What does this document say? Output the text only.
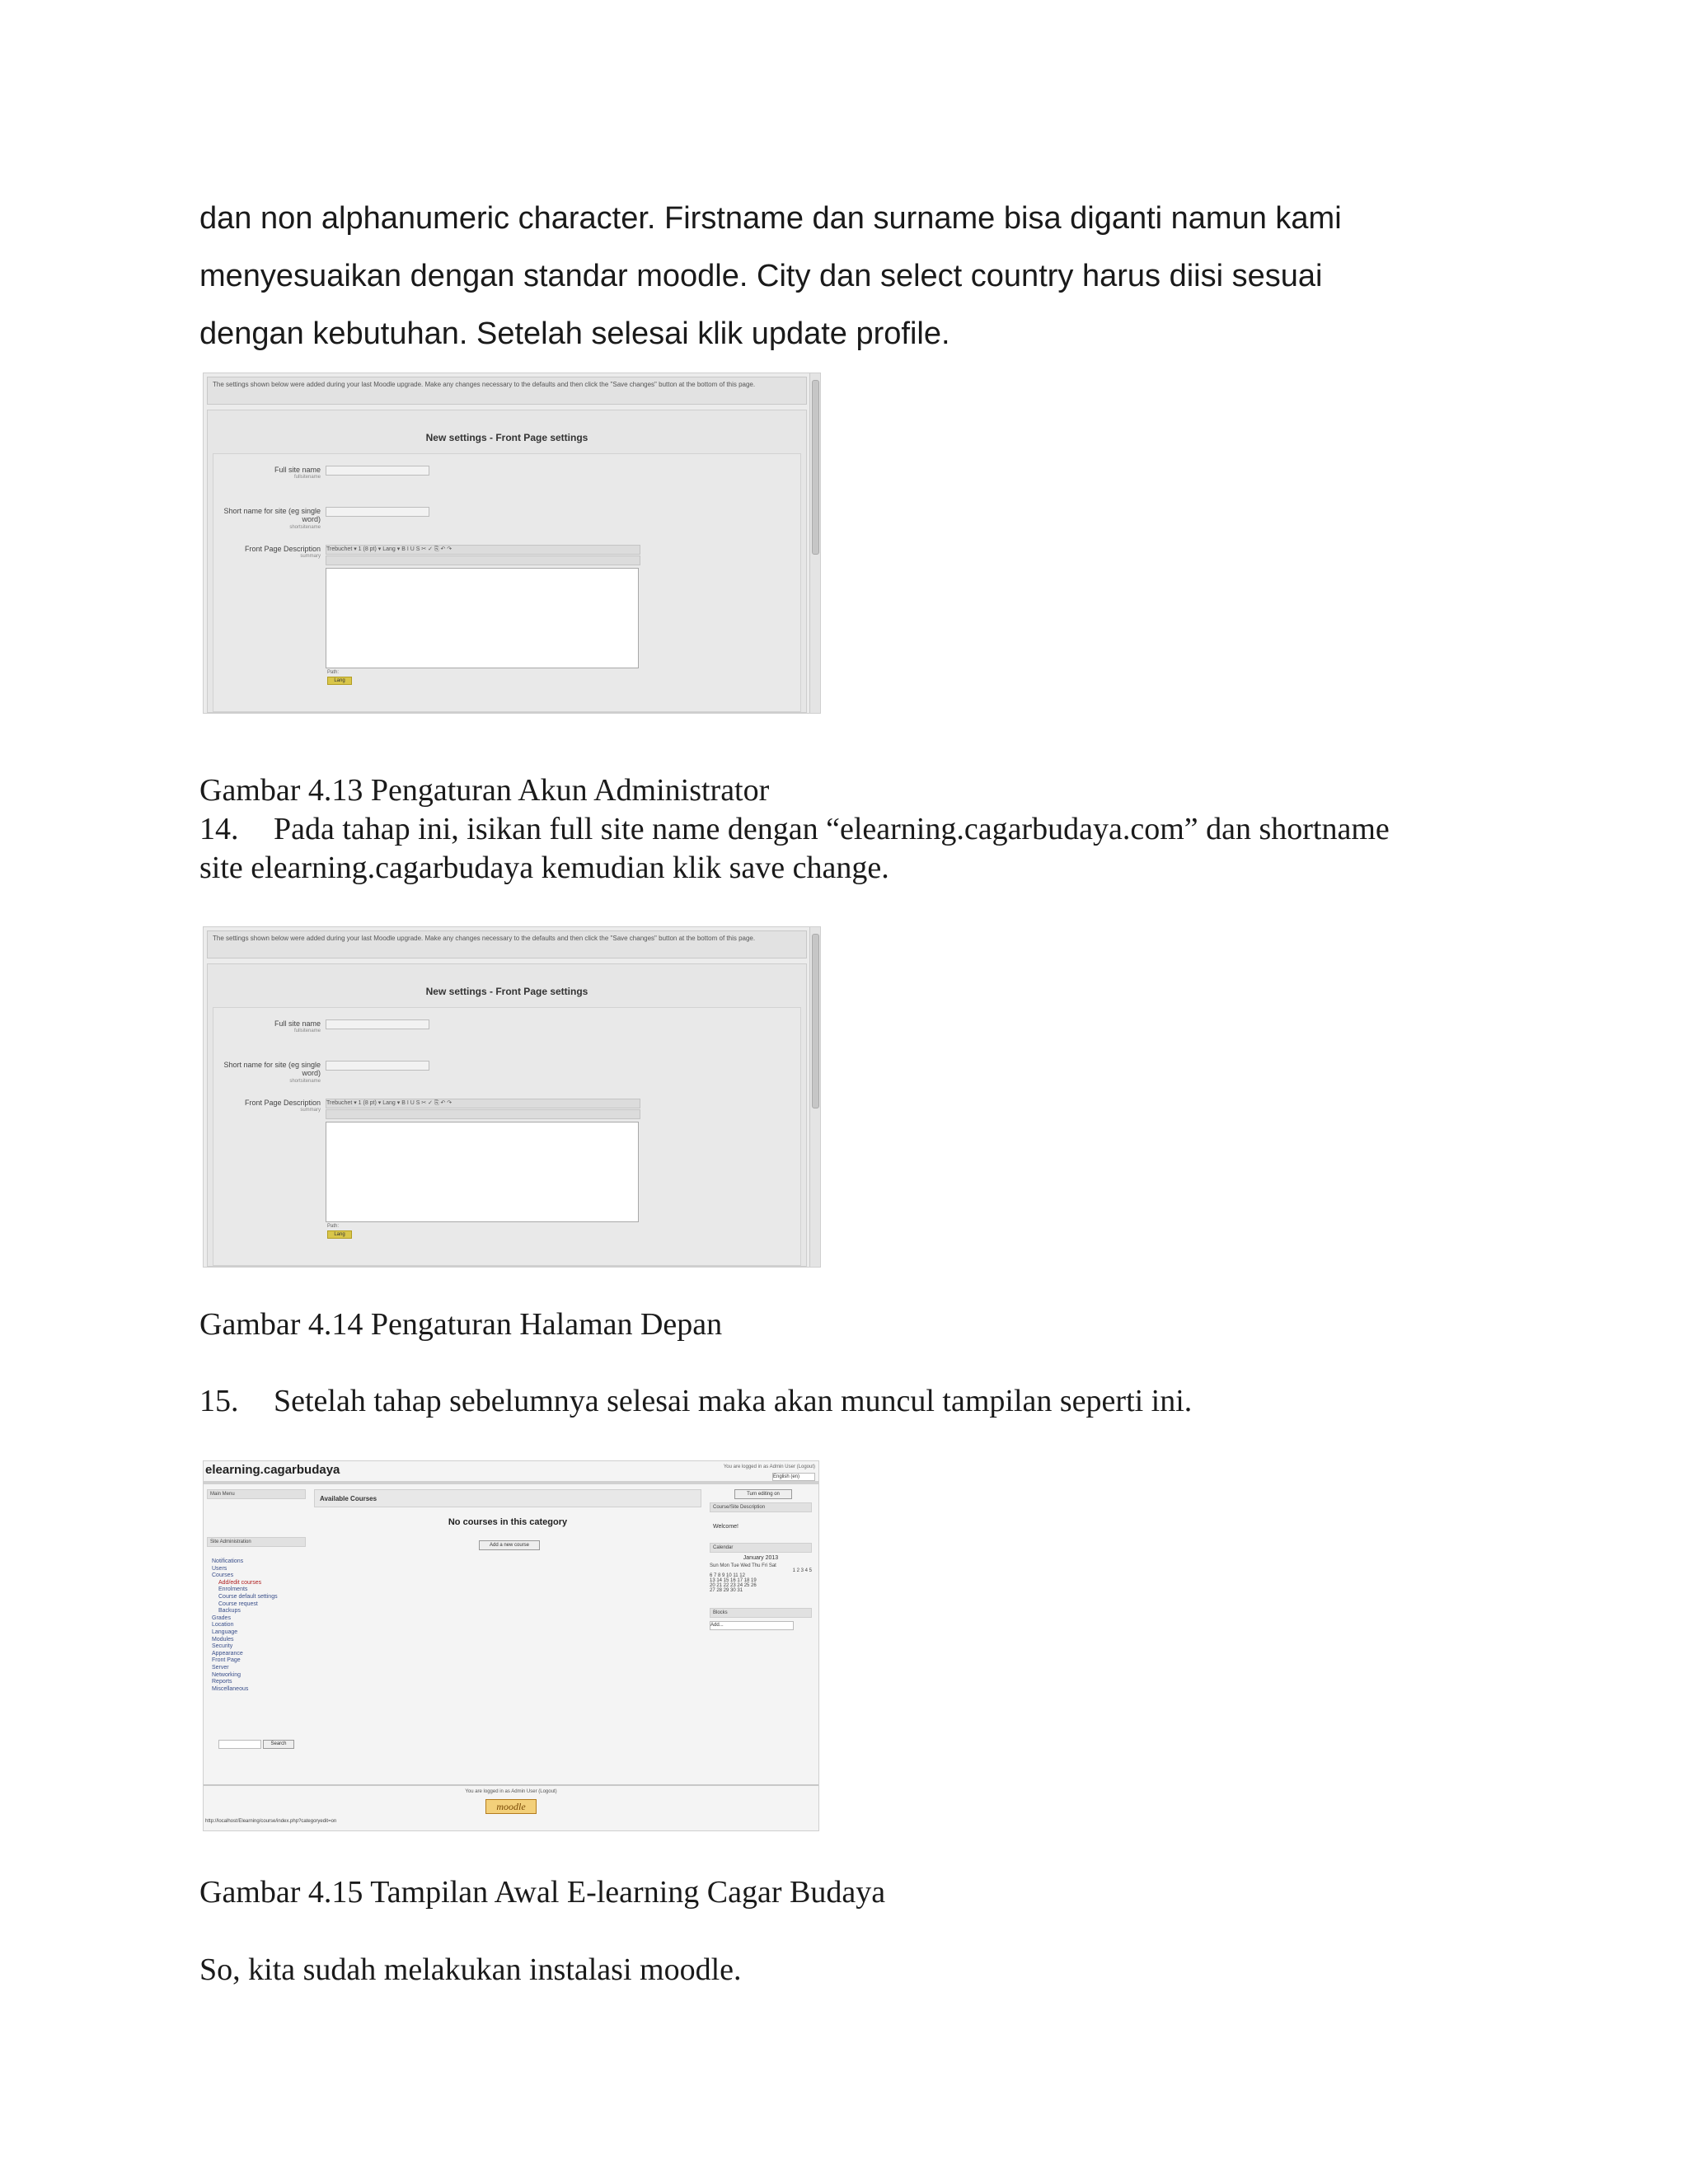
dan non alphanumeric character. Firstname dan surname bisa diganti namun kami
menyesuaikan dengan standar moodle. City dan select country harus diisi sesuai
dengan kebutuhan. Setelah selesai klik update profile.
The settings shown below were added during your last Moodle upgrade. Make any changes necessary to the defaults and then click the "Save changes" button at the bottom of this page.
New settings - Front Page settings
Full site name
fullsitename
Short name for site (eg single word)
shortsitename
Front Page Description
summary
Trebuchet ▾ 1 (8 pt) ▾ Lang ▾ B I U S ✂ ✓ ⎘ ↶ ↷
Path:
Lang
Gambar 4.13 Pengaturan Akun Administrator
14. Pada tahap ini, isikan full site name dengan “elearning.cagarbudaya.com” dan shortname
site elearning.cagarbudaya kemudian klik save change.
The settings shown below were added during your last Moodle upgrade. Make any changes necessary to the defaults and then click the "Save changes" button at the bottom of this page.
New settings - Front Page settings
Full site name
fullsitename
Short name for site (eg single word)
shortsitename
Front Page Description
summary
Trebuchet ▾ 1 (8 pt) ▾ Lang ▾ B I U S ✂ ✓ ⎘ ↶ ↷
Path:
Lang
Gambar 4.14 Pengaturan Halaman Depan
15. Setelah tahap sebelumnya selesai maka akan muncul tampilan seperti ini.
elearning.cagarbudaya	You are logged in as Admin User (Logout)
English (en)
Main Menu
Site Administration
Notifications
Users
Courses
Add/edit courses
Enrolments
Course default settings
Course request
Backups
Grades
Location
Language
Modules
Security
Appearance
Front Page
Server
Networking
Reports
Miscellaneous
Search
Available Courses
No courses in this category
Add a new course
Turn editing on
Course/Site Description
Welcome!
Calendar
January 2013
Sun Mon Tue Wed Thu Fri Sat
1 2 3 4 5
6 7 8 9 10 11 12
13 14 15 16 17 18 19
20 21 22 23 24 25 26
27 28 29 30 31
Blocks
Add...
You are logged in as Admin User (Logout)
moodle
http://localhost/Elearning/course/index.php?categoryedit=on
Gambar 4.15 Tampilan Awal E-learning Cagar Budaya
So, kita sudah melakukan instalasi moodle.
